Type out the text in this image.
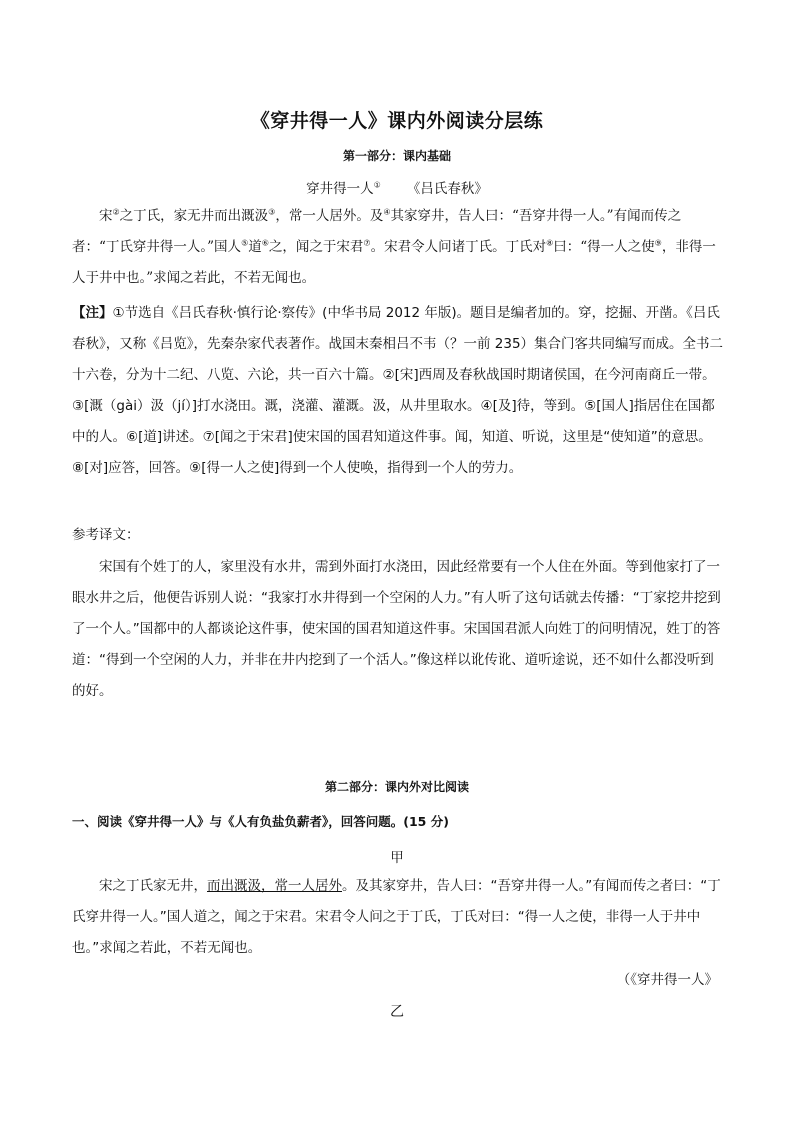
《穿井得一人》课内外阅读分层练
第一部分：课内基础
穿井得一人① 《吕氏春秋》

宋②之丁氏，家无井而出溉汲③，常一人居外。及④其家穿井，告人曰：“吾穿井得一人。”有闻而传之者：“丁氏穿井得一人。”国人⑤道⑥之，闻之于宋君⑦。宋君令人问诸丁氏。丁氏对⑧曰：“得一人之使⑨，非得一人于井中也。”求闻之若此，不若无闻也。

【注】①节选自《吕氏春秋·慎行论·察传》(中华书局 2012 年版)。题目是编者加的。穿，挖掘、开凿。《吕氏春秋》，又称《吕览》，先秦杂家代表著作。战国末秦相吕不韦（？一前 235）集合门客共同编写而成。全书二十六卷，分为十二纪、八览、六论，共一百六十篇。②[宋]西周及春秋战国时期诸侯国，在今河南商丘一带。③[溉（gài）汲（jí）]打水浇田。溉，浇灌、灌溉。汲，从井里取水。④[及]待，等到。⑤[国人]指居住在国都中的人。⑥[道]讲述。⑦[闻之于宋君]使宋国的国君知道这件事。闻，知道、听说，这里是“使知道”的意思。⑧[对]应答，回答。⑨[得一人之使]得到一个人使唤，指得到一个人的劳力。

参考译文：

宋国有个姓丁的人，家里没有水井，需到外面打水浇田，因此经常要有一个人住在外面。等到他家打了一眼水井之后，他便告诉别人说：“我家打水井得到一个空闲的人力。”有人听了这句话就去传播：“丁家挖井挖到了一个人。”国都中的人都谈论这件事，使宋国的国君知道这件事。宋国国君派人向姓丁的问明情况，姓丁的答道：“得到一个空闲的人力，并非在井内挖到了一个活人。”像这样以讹传讹、道听途说，还不如什么都没听到的好。

第二部分：课内外对比阅读
一、阅读《穿井得一人》与《人有负盐负薪者》，回答问题。(15 分)
甲

宋之丁氏家无井，而出溉汲，常一人居外。及其家穿井，告人曰：“吾穿井得一人。”有闻而传之者曰：“丁氏穿井得一人。”国人道之，闻之于宋君。宋君令人问之于丁氏，丁氏对曰：“得一人之使，非得一人于井中也。”求闻之若此，不若无闻也。

（《穿井得一人》
乙
